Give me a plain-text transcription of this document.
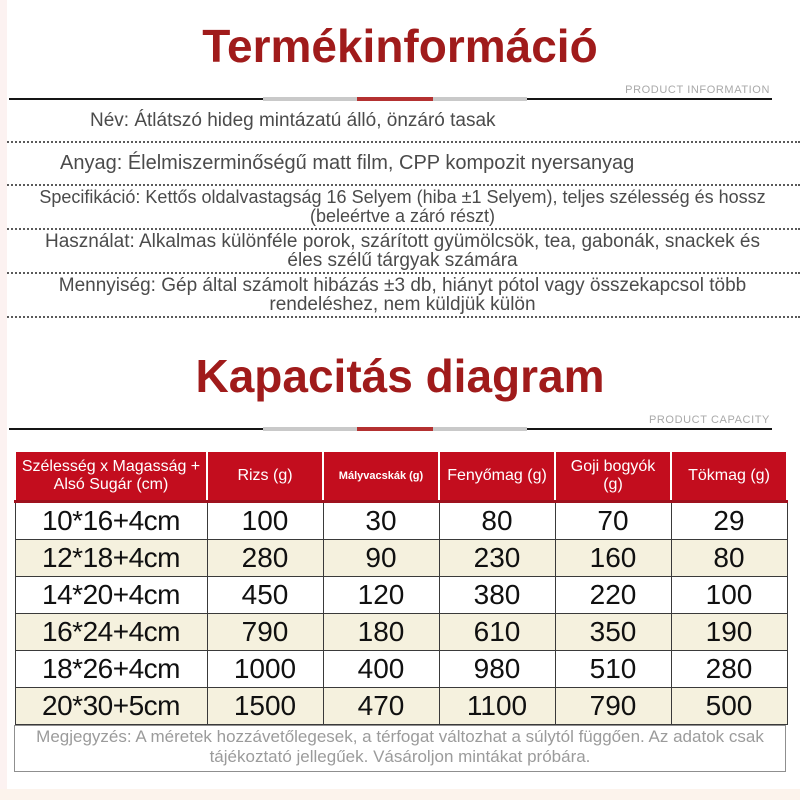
Termékinformáció
PRODUCT INFORMATION
Név: Átlátszó hideg mintázatú álló, önzáró tasak
Anyag: Élelmiszerminőségű matt film, CPP kompozit nyersanyag
Specifikáció: Kettős oldalvastagság 16 Selyem (hiba ±1 Selyem), teljes szélesség és hossz (beleértve a záró részt)
Használat: Alkalmas különféle porok, szárított gyümölcsök, tea, gabonák, snackek és éles szélű tárgyak számára
Mennyiség: Gép által számolt hibázás ±3 db, hiányt pótol vagy összekapcsol több rendeléshez, nem küldjük külön
Kapacitás diagram
PRODUCT CAPACITY
Szélesség x Magasság + Alsó Sugár (cm)	Rizs (g)	Mályvacskák (g)	Fenyőmag (g)	Goji bogyók (g)	Tökmag (g)

10*16+4cm	100	30	80	70	29
12*18+4cm	280	90	230	160	80
14*20+4cm	450	120	380	220	100
16*24+4cm	790	180	610	350	190
18*26+4cm	1000	400	980	510	280
20*30+5cm	1500	470	1100	790	500
Megjegyzés: A méretek hozzávetőlegesek, a térfogat változhat a súlytól függően. Az adatok csak tájékoztató jellegűek. Vásároljon mintákat próbára.
